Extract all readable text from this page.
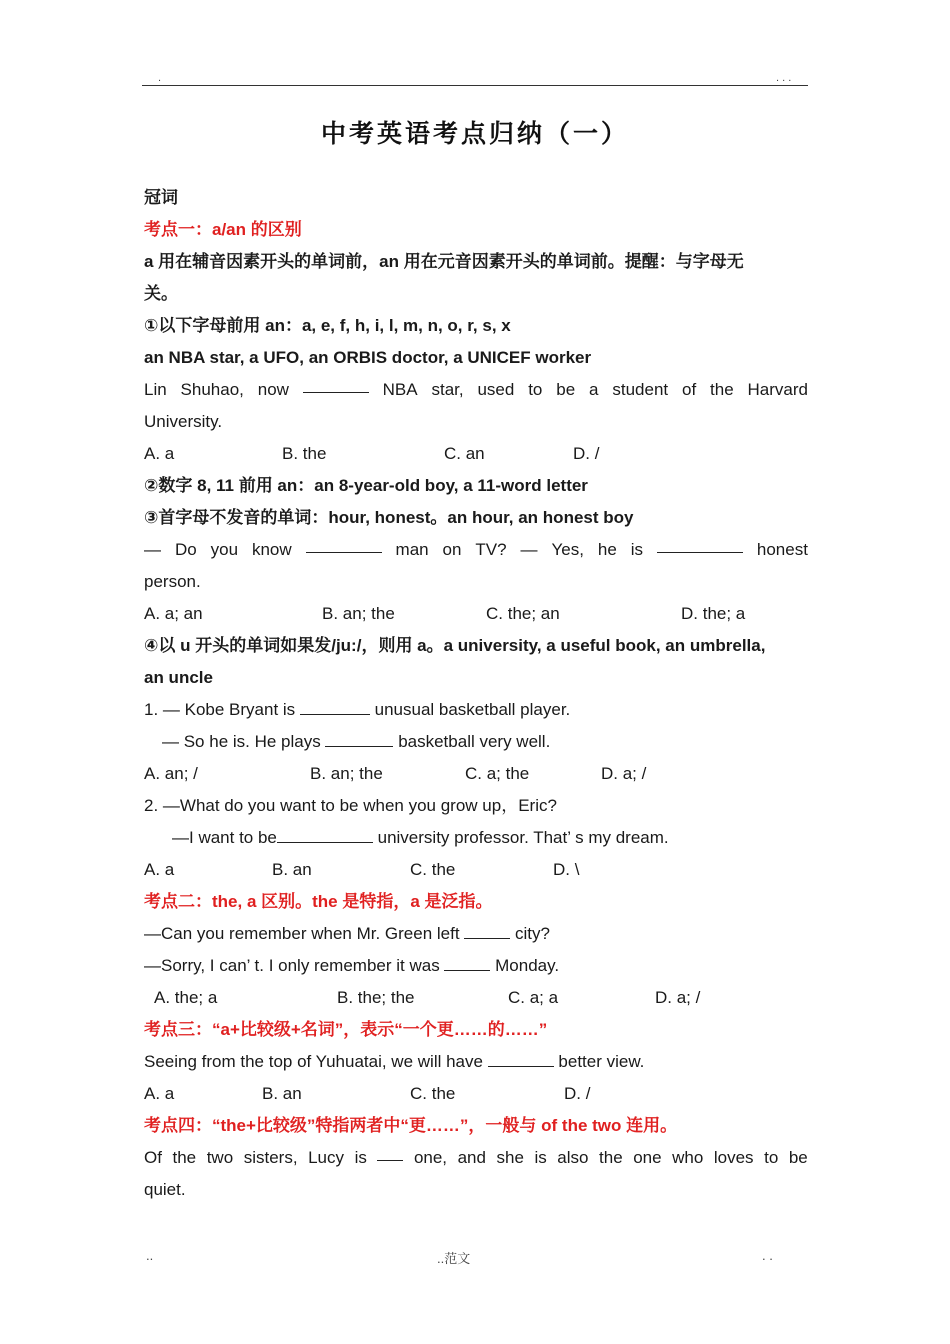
.	. . .
中考英语考点归纳（一）
冠词
考点一：a/an 的区别
a 用在辅音因素开头的单词前，an 用在元音因素开头的单词前。提醒：与字母无
关。
①以下字母前用 an：a, e, f, h, i, l, m, n, o, r, s, x
an NBA star, a UFO, an ORBIS doctor, a UNICEF worker
Lin Shuhao, now	NBA star, used to be a student of the Harvard
University.
A. a	B. the	C. an	D. /
②数字 8, 11 前用 an：an 8-year-old boy, a 11-word letter
③首字母不发音的单词：hour, honest。an hour, an honest boy
— Do you know	man on TV? — Yes, he is	honest
person.
A. a; an	B. an; the	C. the; an	D. the; a
④以 u 开头的单词如果发/ju:/，则用 a。a university, a useful book, an umbrella,
an uncle
1. — Kobe Bryant is	unusual basketball player.
— So he is. He plays	basketball very well.
A. an; /	B. an; the	C. a; the	D. a; /
2. —What do you want to be when you grow up，Eric?
—I want to be	university professor. That’ s my dream.
A. a	B. an	C. the	D. \
考点二：the, a 区别。the 是特指，a 是泛指。
—Can you remember when Mr. Green left	city?
—Sorry, I can’ t. I only remember it was	Monday.
A. the; a	B. the; the	C. a; a	D. a; /
考点三：“a+比较级+名词”，表示“一个更……的……”
Seeing from the top of Yuhuatai, we will have	better view.
A. a	B. an	C. the	D. /
考点四：“the+比较级”特指两者中“更……”，一般与 of the two 连用。
Of the two sisters, Lucy is	one, and she is also the one who loves to be
quiet.
..	..范文	. .
